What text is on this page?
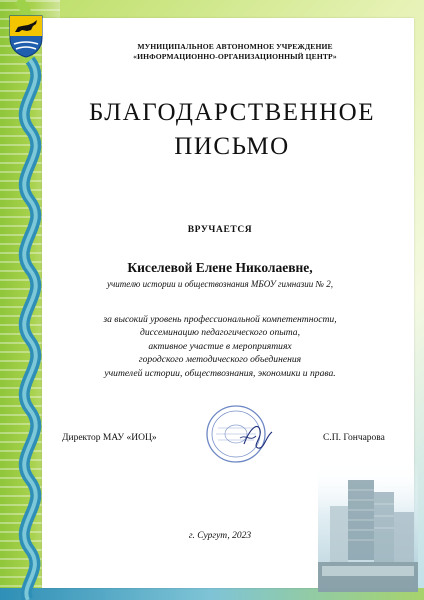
МУНИЦИПАЛЬНОЕ АВТОНОМНОЕ УЧРЕЖДЕНИЕ
«ИНФОРМАЦИОННО-ОРГАНИЗАЦИОННЫЙ ЦЕНТР»
БЛАГОДАРСТВЕННОЕ
ПИСЬМО
ВРУЧАЕТСЯ
Киселевой Елене Николаевне,
учителю истории и обществознания МБОУ гимназии № 2,
за высокий уровень профессиональной компетентности,
диссеминацию педагогического опыта,
активное участие в мероприятиях
городского методического объединения
учителей истории, обществознания, экономики и права.
Директор МАУ «ИОЦ»	С.П. Гончарова
г. Сургут, 2023
